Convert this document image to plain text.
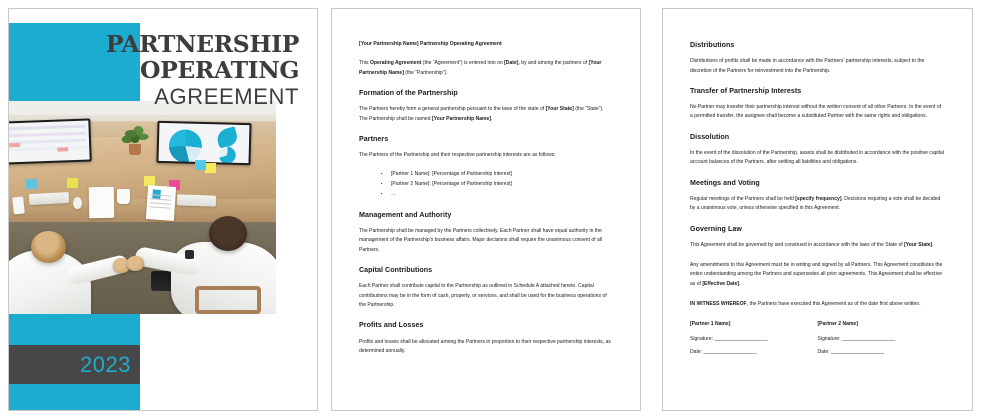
2023
PARTNERSHIP
OPERATING
AGREEMENT
[Your Partnership Name] Partnership Operating Agreement

This Operating Agreement (the “Agreement”) is entered into on [Date], by and among the partners of [Your Partnership Name] (the “Partnership”).

Formation of the Partnership

The Partners hereby form a general partnership pursuant to the laws of the state of [Your State] (the “State”). The Partnership shall be named [Your Partnership Name].

Partners

The Partners of the Partnership and their respective partnership interests are as follows:

▪ [Partner 1 Name]: [Percentage of Partnership Interest]
▪ [Partner 2 Name]: [Percentage of Partnership Interest]
▪ …
Management and Authority

The Partnership shall be managed by the Partners collectively. Each Partner shall have equal authority in the management of the Partnership’s business affairs. Major decisions shall require the unanimous consent of all Partners.

Capital Contributions

Each Partner shall contribute capital to the Partnership as outlined in Schedule A attached hereto. Capital contributions may be in the form of cash, property, or services, and shall be used for the business operations of the Partnership.

Profits and Losses

Profits and losses shall be allocated among the Partners in proportion to their respective partnership interests, as determined annually.

Distributions

Distributions of profits shall be made in accordance with the Partners’ partnership interests, subject to the discretion of the Partners for reinvestment into the Partnership.

Transfer of Partnership Interests

No Partner may transfer their partnership interest without the written consent of all other Partners. In the event of a permitted transfer, the assignee shall become a substituted Partner with the same rights and obligations.

Dissolution

In the event of the dissolution of the Partnership, assets shall be distributed in accordance with the positive capital account balances of the Partners, after settling all liabilities and obligations.

Meetings and Voting

Regular meetings of the Partners shall be held [specify frequency]. Decisions requiring a vote shall be decided by a unanimous vote, unless otherwise specified in this Agreement.

Governing Law

This Agreement shall be governed by and construed in accordance with the laws of the State of [Your State].

Any amendments to this Agreement must be in writing and signed by all Partners. This Agreement constitutes the entire understanding among the Partners and supersedes all prior agreements. This Agreement shall be effective as of [Effective Date].

IN WITNESS WHEREOF, the Partners have executed this Agreement as of the date first above written.

[Partner 1 Name]
Signature: ___________________
Date: ___________________
[Partner 2 Name]
Signature: ___________________
Date: ___________________
